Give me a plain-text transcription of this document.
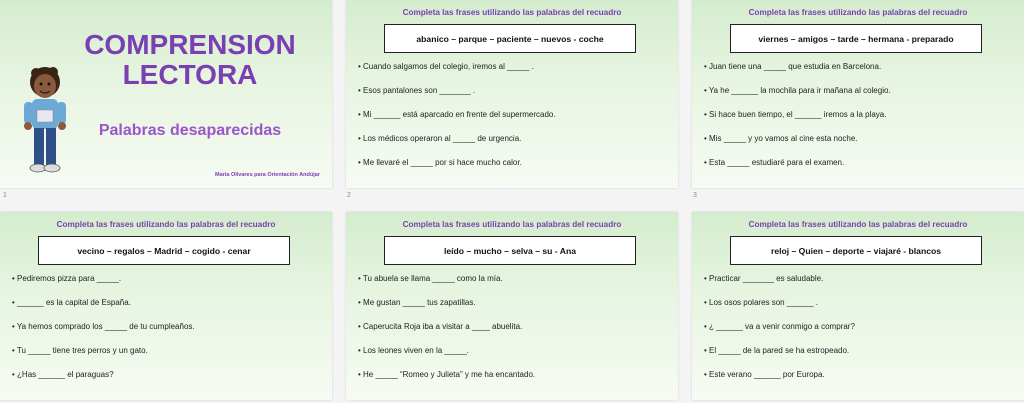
COMPRENSION
LECTORA
Palabras desaparecidas
Maria Olivares para Orientación Andújar
1
Completa las frases utilizando las palabras del recuadro
abanico – parque – paciente – nuevos - coche
• Cuando salgamos del colegio, iremos al _____ .
• Esos pantalones son _______ .
• Mi ______ está aparcado en frente del supermercado.
• Los médicos operaron al _____ de urgencia.
• Me llevaré el _____ por si hace mucho calor.
2
Completa las frases utilizando las palabras del recuadro
viernes – amigos – tarde – hermana - preparado
• Juan tiene una _____ que estudia en Barcelona.
• Ya he ______ la mochila para ir mañana al colegio.
• Si hace buen tiempo, el ______ iremos a la playa.
• Mis _____ y yo vamos al cine esta noche.
• Esta _____ estudiaré para el examen.
3
Completa las frases utilizando las palabras del recuadro
vecino – regalos – Madrid – cogido - cenar
• Pediremos pizza para _____.
• ______ es la capital de España.
• Ya hemos comprado los _____ de tu cumpleaños.
• Tu _____ tiene tres perros y un gato.
• ¿Has ______ el paraguas?
Completa las frases utilizando las palabras del recuadro
leído – mucho – selva – su - Ana
• Tu abuela se llama _____ como la mía.
• Me gustan _____ tus zapatillas.
• Caperucita Roja iba a visitar a ____ abuelita.
• Los leones viven en la _____.
• He _____ “Romeo y Julieta” y me ha encantado.
Completa las frases utilizando las palabras del recuadro
reloj – Quien – deporte – viajaré - blancos
• Practicar _______ es saludable.
• Los osos polares son ______ .
• ¿ ______ va a venir conmigo a comprar?
• El _____ de la pared se ha estropeado.
• Este verano ______ por Europa.
